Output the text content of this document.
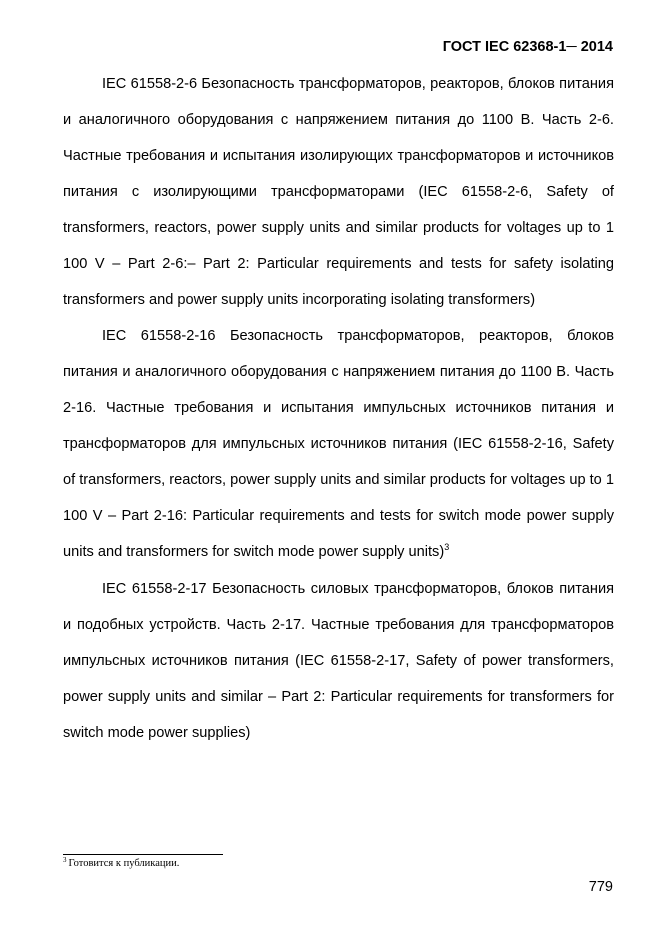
ГОСТ IEC 62368-1─ 2014

IEC 61558-2-6 Безопасность трансформаторов, реакторов, блоков питания и аналогичного оборудования с напряжением питания до 1100 В. Часть 2-6. Частные требования и испытания изолирующих трансформаторов и источников питания с изолирующими трансформаторами (IEC 61558-2-6, Safety of transformers, reactors, power supply units and similar products for voltages up to 1 100 V – Part 2-6:– Part 2: Particular requirements and tests for safety isolating transformers and power supply units incorporating isolating transformers)

IEC 61558-2-16 Безопасность трансформаторов, реакторов, блоков питания и аналогичного оборудования с напряжением питания до 1100 В. Часть 2-16. Частные требования и испытания импульсных источников питания и трансформаторов для импульсных источников питания (IEC 61558-2-16, Safety of transformers, reactors, power supply units and similar products for voltages up to 1 100 V – Part 2-16: Particular requirements and tests for switch mode power supply units and transformers for switch mode power supply units)$^3$

IEC 61558-2-17 Безопасность силовых трансформаторов, блоков питания и подобных устройств. Часть 2-17. Частные требования для трансформаторов импульсных источников питания (IEC 61558-2-17, Safety of power transformers, power supply units and similar – Part 2: Particular requirements for transformers for switch mode power supplies)

$^3$ Готовится к публикации.
779
